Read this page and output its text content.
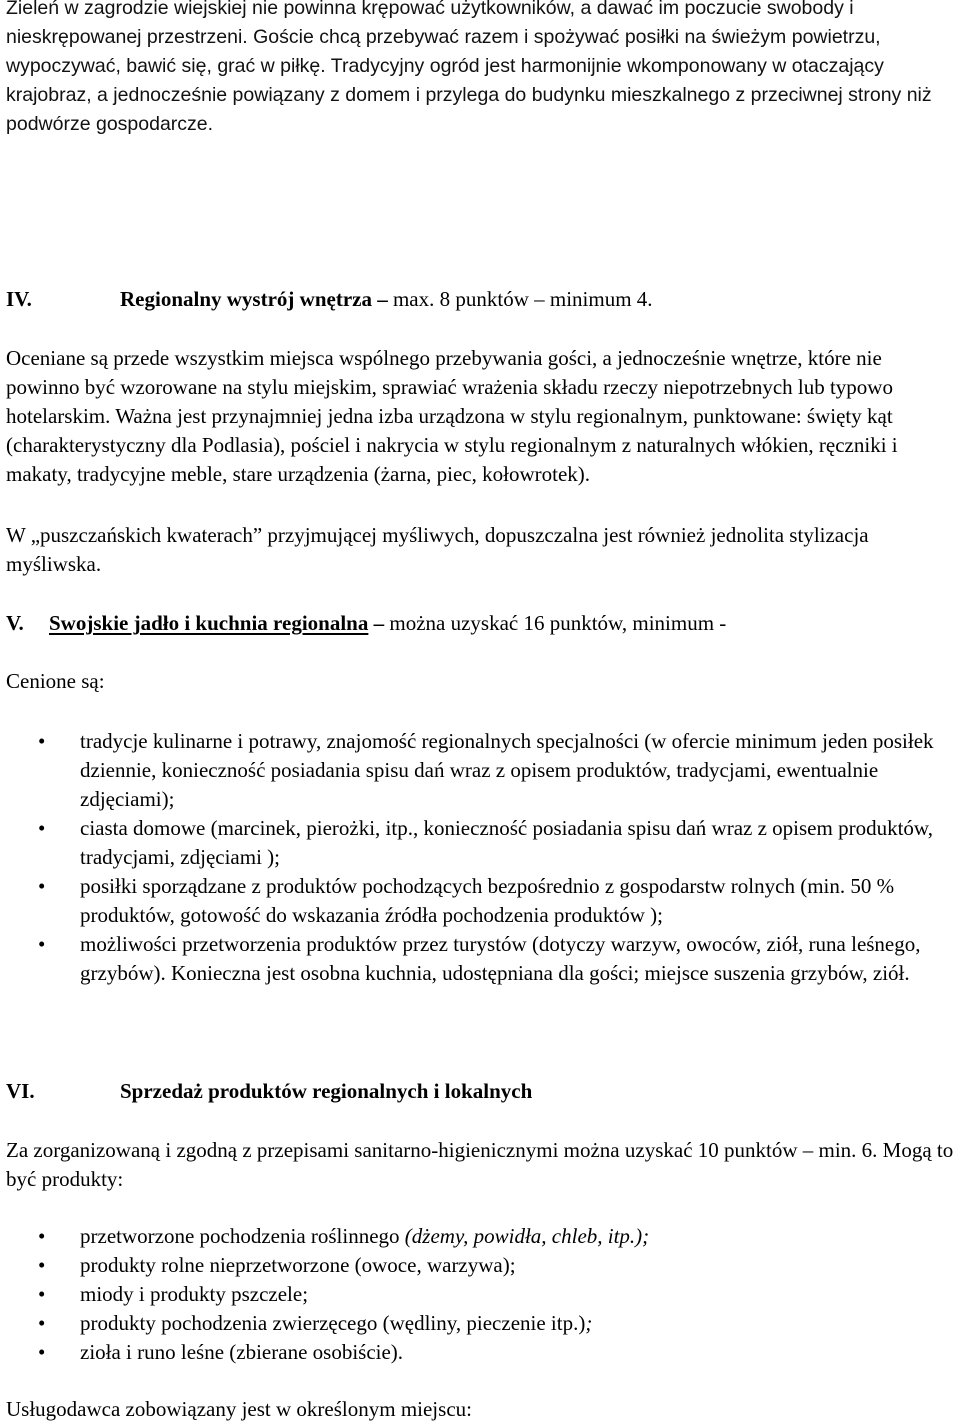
Zieleń w zagrodzie wiejskiej nie powinna krępować użytkowników, a dawać im poczucie swobody i nieskrępowanej przestrzeni. Goście chcą przebywać razem i spożywać posiłki na świeżym powietrzu, wypoczywać, bawić się, grać w piłkę. Tradycyjny ogród jest harmonijnie wkomponowany w otaczający krajobraz, a jednocześnie powiązany z domem i przylega do budynku mieszkalnego z przeciwnej strony niż podwórze gospodarcze.

IV.	Regionalny wystrój wnętrza – max. 8 punktów – minimum 4.

Oceniane są przede wszystkim miejsca wspólnego przebywania gości, a jednocześnie wnętrze, które nie powinno być wzorowane na stylu miejskim, sprawiać wrażenia składu rzeczy niepotrzebnych lub typowo hotelarskim. Ważna jest przynajmniej jedna izba urządzona w stylu regionalnym, punktowane: święty kąt (charakterystyczny dla Podlasia), pościel i nakrycia w stylu regionalnym z naturalnych włókien, ręczniki i makaty, tradycyjne meble, stare urządzenia (żarna, piec, kołowrotek).

W „puszczańskich kwaterach” przyjmującej myśliwych, dopuszczalna jest również jednolita stylizacja myśliwska.

V. Swojskie jadło i kuchnia regionalna – można uzyskać 16 punktów, minimum -

Cenione są:

• tradycje kulinarne i potrawy, znajomość regionalnych specjalności (w ofercie minimum jeden posiłek dziennie, konieczność posiadania spisu dań wraz z opisem produktów, tradycjami, ewentualnie zdjęciami);
• ciasta domowe (marcinek, pierożki, itp., konieczność posiadania spisu dań wraz z opisem produktów, tradycjami, zdjęciami );
• posiłki sporządzane z produktów pochodzących bezpośrednio z gospodarstw rolnych (min. 50 % produktów, gotowość do wskazania źródła pochodzenia produktów );
• możliwości przetworzenia produktów przez turystów (dotyczy warzyw, owoców, ziół, runa leśnego, grzybów). Konieczna jest osobna kuchnia, udostępniana dla gości; miejsce suszenia grzybów, ziół.

VI.	Sprzedaż produktów regionalnych i lokalnych

Za zorganizowaną i zgodną z przepisami sanitarno-higienicznymi można uzyskać 10 punktów – min. 6. Mogą to być produkty:

• przetworzone pochodzenia roślinnego (dżemy, powidła, chleb, itp.);
• produkty rolne nieprzetworzone (owoce, warzywa);
• miody i produkty pszczele;
• produkty pochodzenia zwierzęcego (wędliny, pieczenie itp.);
• zioła i runo leśne (zbierane osobiście).

Usługodawca zobowiązany jest w określonym miejscu:
